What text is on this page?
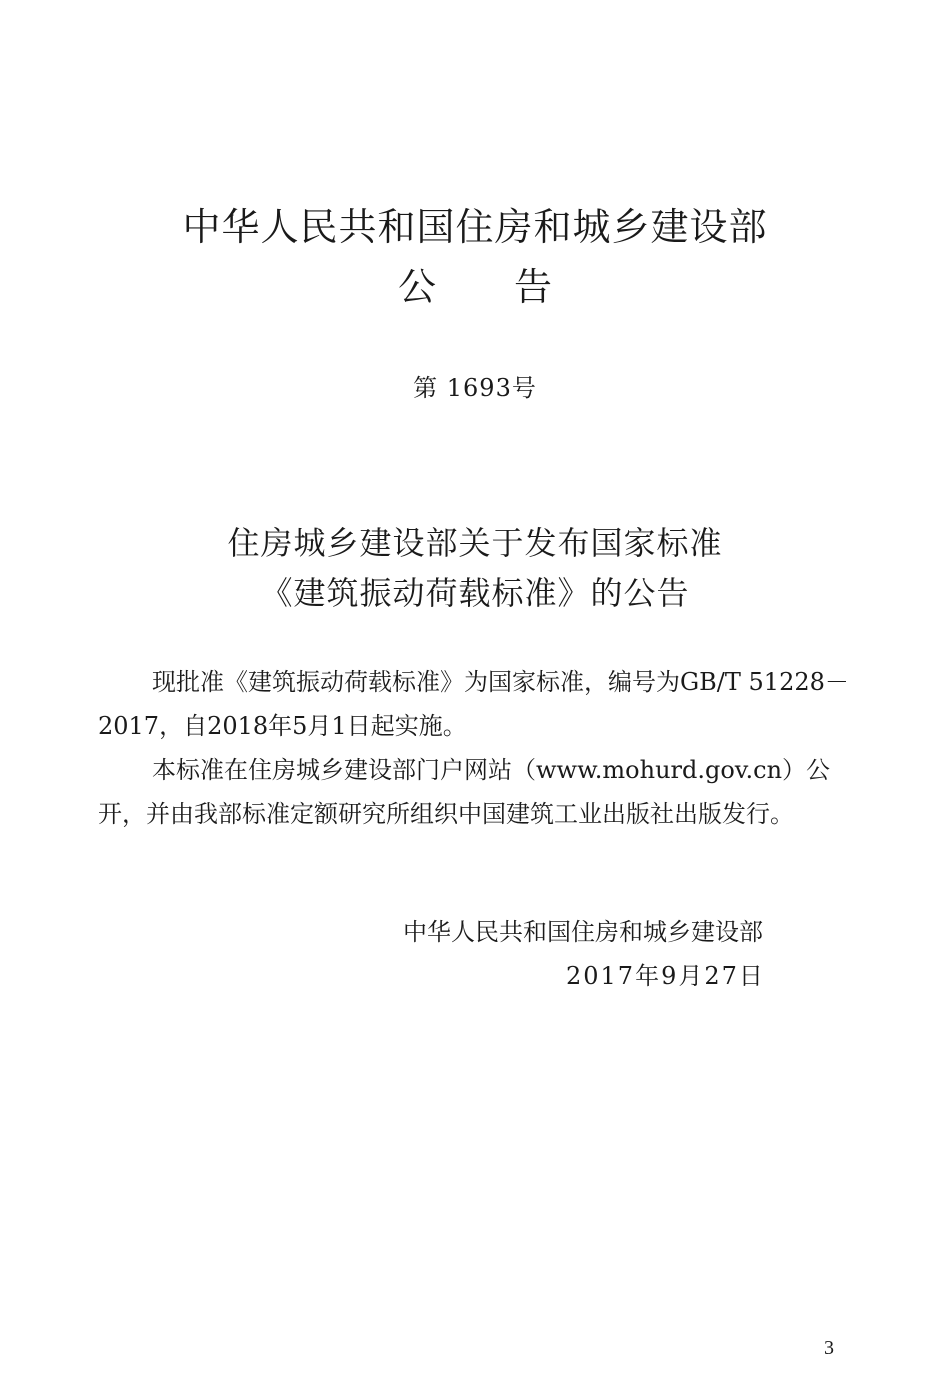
中华人民共和国住房和城乡建设部
公 告
第 1693号
住房城乡建设部关于发布国家标准
《建筑振动荷载标准》的公告
现批准《建筑振动荷载标准》为国家标准，编号为GB/T 51228－2017，自2018年5月1日起实施。
本标准在住房城乡建设部门户网站（www.mohurd.gov.cn）公开，并由我部标准定额研究所组织中国建筑工业出版社出版发行。
中华人民共和国住房和城乡建设部
2017年9月27日
3
